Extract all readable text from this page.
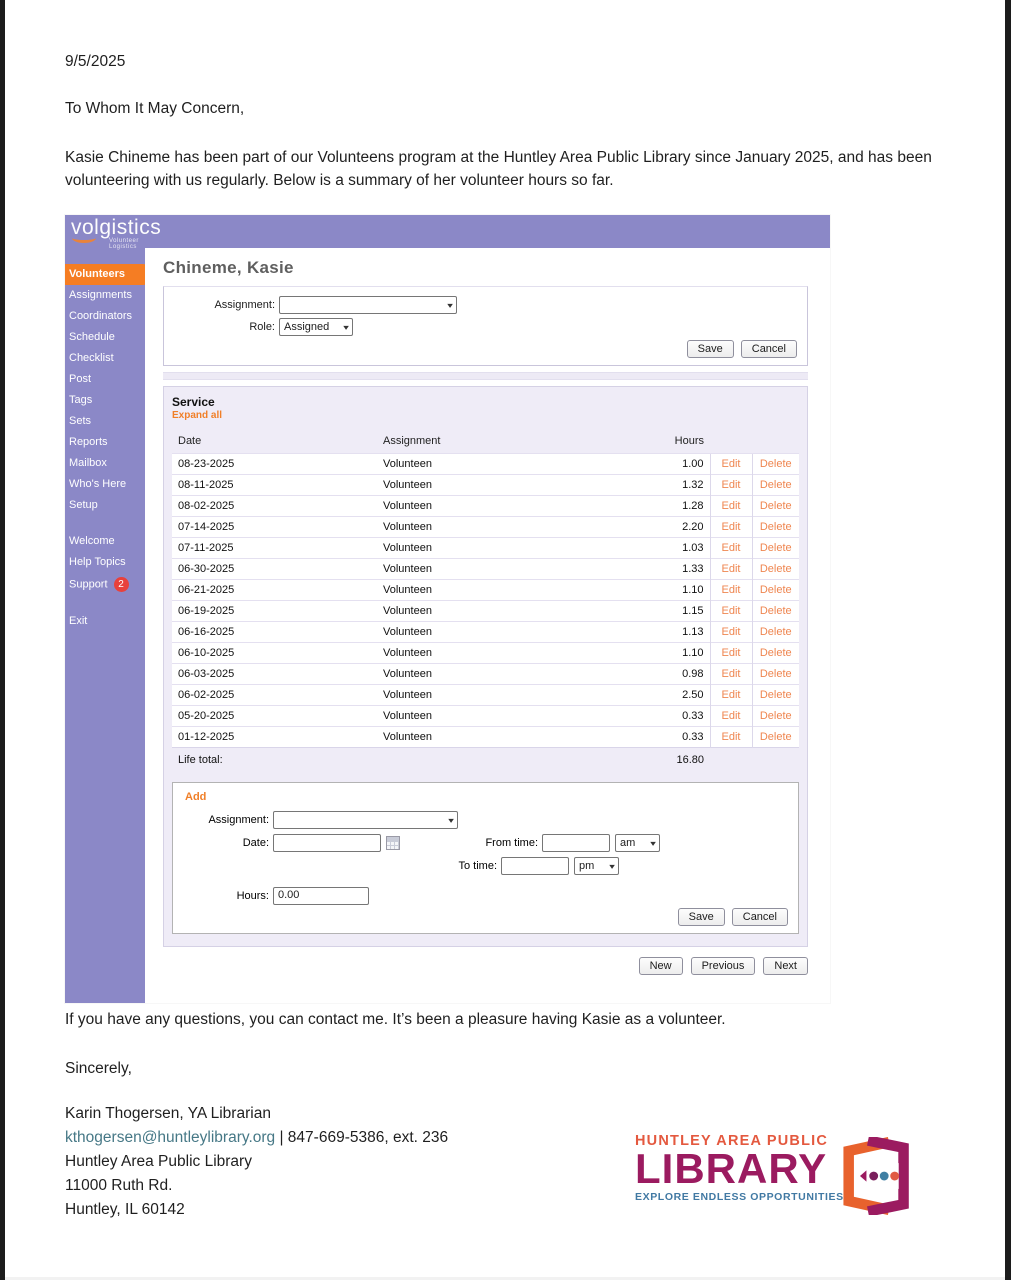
9/5/2025
To Whom It May Concern,
Kasie Chineme has been part of our Volunteens program at the Huntley Area Public Library since January 2025, and has been volunteering with us regularly. Below is a summary of her volunteer hours so far.
If you have any questions, you can contact me. It’s been a pleasure having Kasie as a volunteer.
Sincerely,
Karin Thogersen, YA Librarian
kthogersen@huntleylibrary.org | 847-669-5386, ext. 236
Huntley Area Public Library
11000 Ruth Rd.
Huntley, IL 60142
volgistics
Volunteer Logistics
Volunteers
Assignments
Coordinators
Schedule
Checklist
Post
Tags
Sets
Reports
Mailbox
Who's Here
Setup
Welcome
Help Topics
Support 2
Exit
Chineme, Kasie
Assignment:	▾
Role: Assigned ▾
Save	Cancel
Service
Expand all
Date	Assignment	Hours		
08-23-2025	Volunteen	1.00	Edit	Delete
08-11-2025	Volunteen	1.32	Edit	Delete
08-02-2025	Volunteen	1.28	Edit	Delete
07-14-2025	Volunteen	2.20	Edit	Delete
07-11-2025	Volunteen	1.03	Edit	Delete
06-30-2025	Volunteen	1.33	Edit	Delete
06-21-2025	Volunteen	1.10	Edit	Delete
06-19-2025	Volunteen	1.15	Edit	Delete
06-16-2025	Volunteen	1.13	Edit	Delete
06-10-2025	Volunteen	1.10	Edit	Delete
06-03-2025	Volunteen	0.98	Edit	Delete
06-02-2025	Volunteen	2.50	Edit	Delete
05-20-2025	Volunteen	0.33	Edit	Delete
01-12-2025	Volunteen	0.33	Edit	Delete
Life total:		16.80		
Add
Assignment:	▾
Date:	From time:	am ▾
To time:	pm ▾
Hours: 0.00
Save	Cancel
New	Previous	Next
HUNTLEY AREA PUBLIC
LIBRARY
EXPLORE ENDLESS OPPORTUNITIES
